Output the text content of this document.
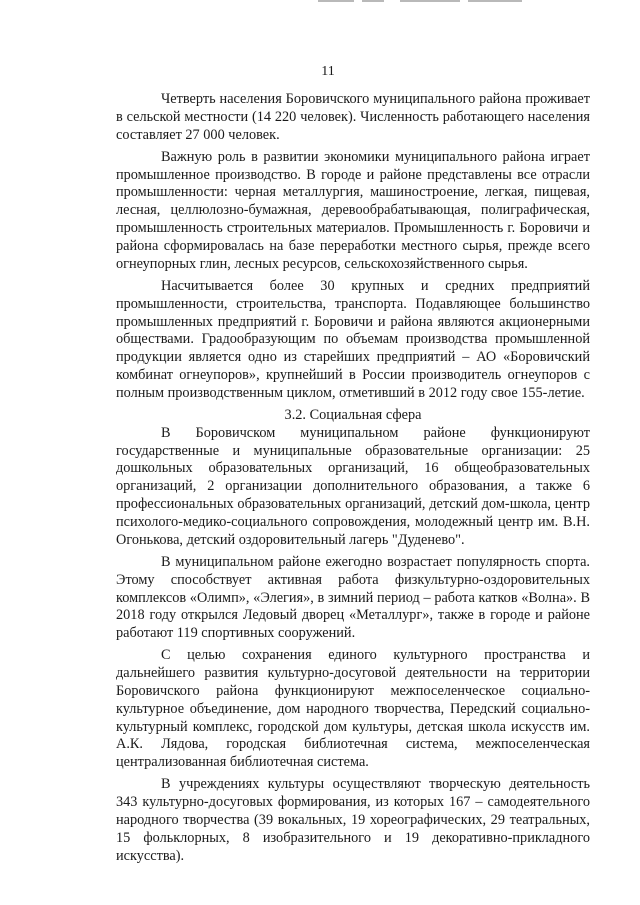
11

Четверть населения Боровичского муниципального района проживает в сельской местности (14 220 человек). Численность работающего населения составляет 27 000 человек.

Важную роль в развитии экономики муниципального района играет промышленное производство. В городе и районе представлены все отрасли промышленности: черная металлургия, машиностроение, легкая, пищевая, лесная, целлюлозно-бумажная, деревообрабатывающая, полиграфическая, промышленность строительных материалов. Промышленность г. Боровичи и района сформировалась на базе переработки местного сырья, прежде всего огнеупорных глин, лесных ресурсов, сельскохозяйственного сырья.

Насчитывается более 30 крупных и средних предприятий промышленности, строительства, транспорта. Подавляющее большинство промышленных предприятий г. Боровичи и района являются акционерными обществами. Градообразующим по объемам производства промышленной продукции является одно из старейших предприятий – АО «Боровичский комбинат огнеупоров», крупнейший в России производитель огнеупоров с полным производственным циклом, отметивший в 2012 году свое 155-летие.

3.2. Социальная сфера

В Боровичском муниципальном районе функционируют государственные и муниципальные образовательные организации: 25 дошкольных образовательных организаций, 16 общеобразовательных организаций, 2 организации дополнительного образования, а также 6 профессиональных образовательных организаций, детский дом-школа, центр психолого-медико-социального сопровождения, молодежный центр им. В.Н. Огонькова, детский оздоровительный лагерь "Дуденево".

В муниципальном районе ежегодно возрастает популярность спорта. Этому способствует активная работа физкультурно-оздоровительных комплексов «Олимп», «Элегия», в зимний период – работа катков «Волна». В 2018 году открылся Ледовый дворец «Металлург», также в городе и районе работают 119 спортивных сооружений.

С целью сохранения единого культурного пространства и дальнейшего развития культурно-досуговой деятельности на территории Боровичского района функционируют межпоселенческое социально-культурное объединение, дом народного творчества, Передский социально-культурный комплекс, городской дом культуры, детская школа искусств им. А.К. Лядова, городская библиотечная система, межпоселенческая централизованная библиотечная система.

В учреждениях культуры осуществляют творческую деятельность 343 культурно-досуговых формирования, из которых 167 – самодеятельного народного творчества (39 вокальных, 19 хореографических, 29 театральных, 15 фольклорных, 8 изобразительного и 19 декоративно-прикладного искусства).
